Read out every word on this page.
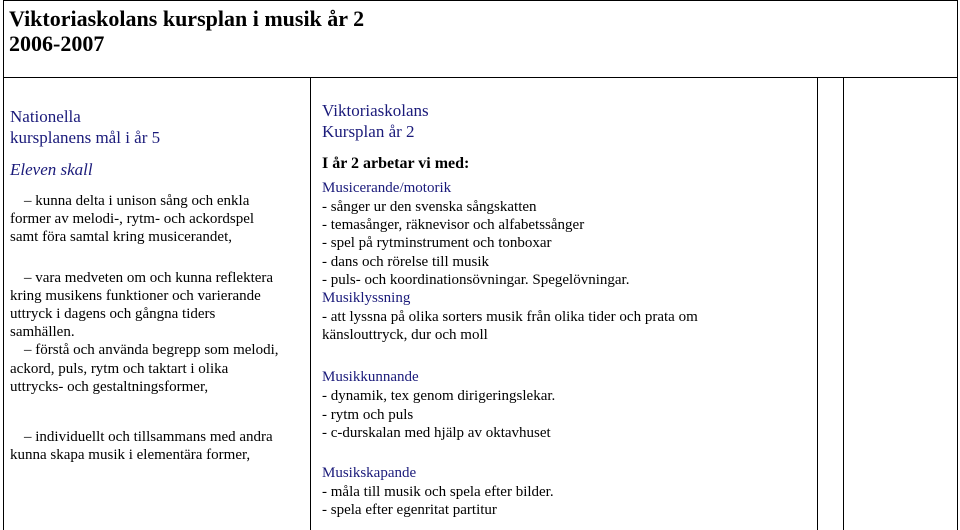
Viktoriaskolans kursplan i musik år 2
2006-2007
Nationella
kursplanens mål i år 5
Eleven skall
– kunna delta i unison sång och enkla
former av melodi-, rytm- och ackordspel
samt föra samtal kring musicerandet,
– vara medveten om och kunna reflektera
kring musikens funktioner och varierande
uttryck i dagens och gångna tiders
samhällen.
– förstå och använda begrepp som melodi,
ackord, puls, rytm och taktart i olika
uttrycks- och gestaltningsformer,
– individuellt och tillsammans med andra
kunna skapa musik i elementära former,
Viktoriaskolans
Kursplan år 2
I år 2 arbetar vi med:
Musicerande/motorik
- sånger ur den svenska sångskatten
- temasånger, räknevisor och alfabetssånger
- spel på rytminstrument och tonboxar
- dans och rörelse till musik
- puls- och koordinationsövningar. Spegelövningar.
Musiklyssning
- att lyssna på olika sorters musik från olika tider och prata om
känslouttryck, dur och moll
Musikkunnande
- dynamik, tex genom dirigeringslekar.
- rytm och puls
- c-durskalan med hjälp av oktavhuset
Musikskapande
- måla till musik och spela efter bilder.
- spela efter egenritat partitur
